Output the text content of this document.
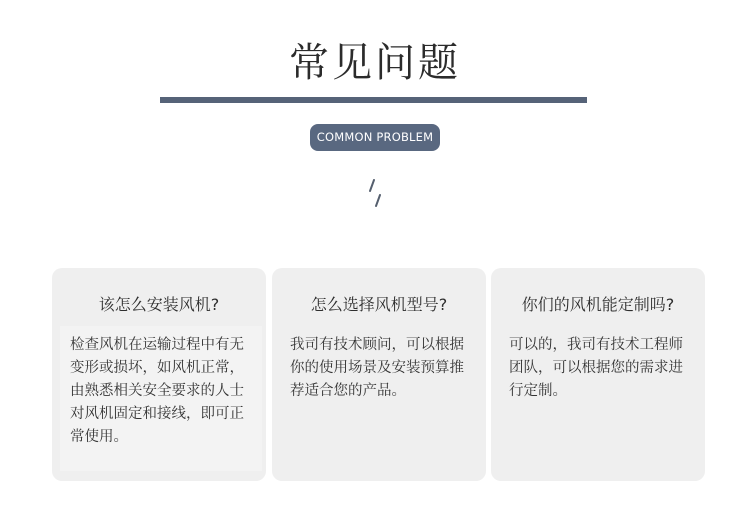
常见问题
COMMON PROBLEM
该怎么安装风机?
检查风机在运输过程中有无变形或损坏，如风机正常，由熟悉相关安全要求的人士对风机固定和接线，即可正常使用。
怎么选择风机型号?
我司有技术顾问，可以根据你的使用场景及安装预算推荐适合您的产品。
你们的风机能定制吗?
可以的，我司有技术工程师团队，可以根据您的需求进行定制。
